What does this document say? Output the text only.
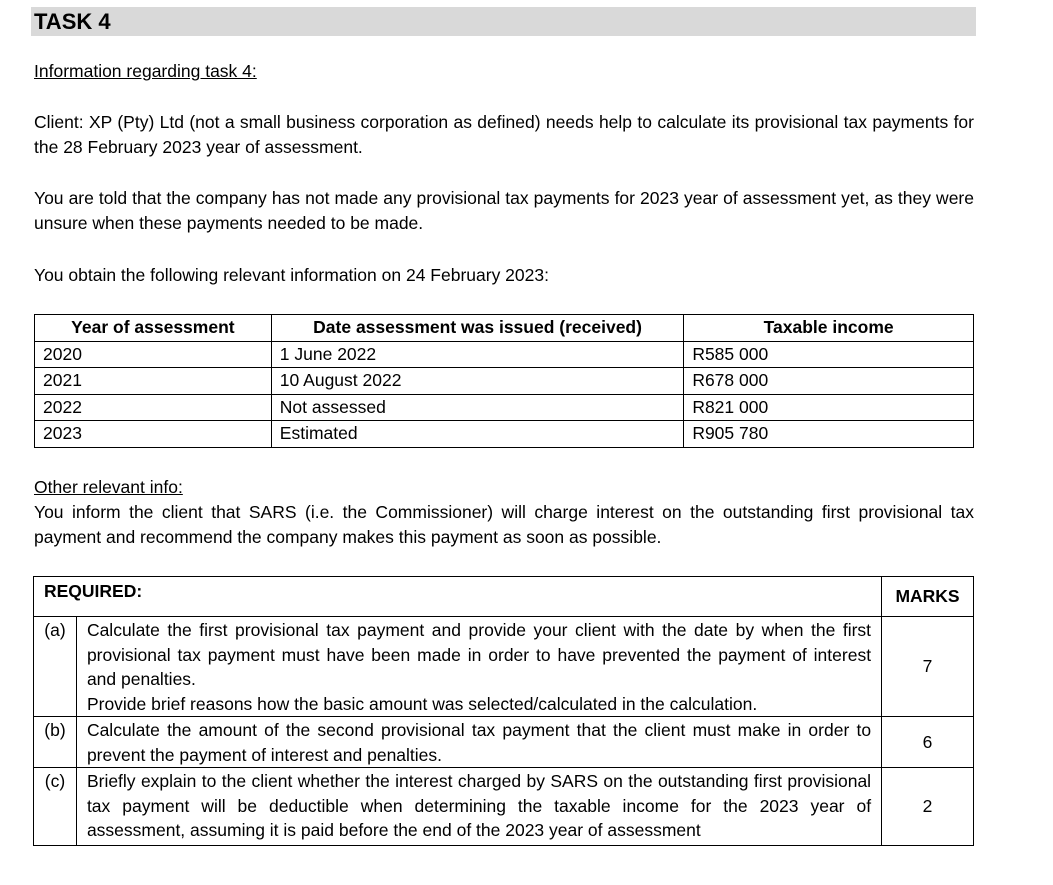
TASK 4
Information regarding task 4:
Client: XP (Pty) Ltd (not a small business corporation as defined) needs help to calculate its provisional tax payments for the 28 February 2023 year of assessment.
You are told that the company has not made any provisional tax payments for 2023 year of assessment yet, as they were unsure when these payments needed to be made.
You obtain the following relevant information on 24 February 2023:
Year of assessment	Date assessment was issued (received)	Taxable income
2020	1 June 2022	R585 000
2021	10 August 2022	R678 000
2022	Not assessed	R821 000
2023	Estimated	R905 780
Other relevant info:
You inform the client that SARS (i.e. the Commissioner) will charge interest on the outstanding first provisional tax payment and recommend the company makes this payment as soon as possible.
REQUIRED:		MARKS
(a)	Calculate the first provisional tax payment and provide your client with the date by when the first provisional tax payment must have been made in order to have prevented the payment of interest and penalties.
Provide brief reasons how the basic amount was selected/calculated in the calculation.	7
(b)	Calculate the amount of the second provisional tax payment that the client must make in order to prevent the payment of interest and penalties.	6
(c)	Briefly explain to the client whether the interest charged by SARS on the outstanding first provisional tax payment will be deductible when determining the taxable income for the 2023 year of assessment, assuming it is paid before the end of the 2023 year of assessment	2
